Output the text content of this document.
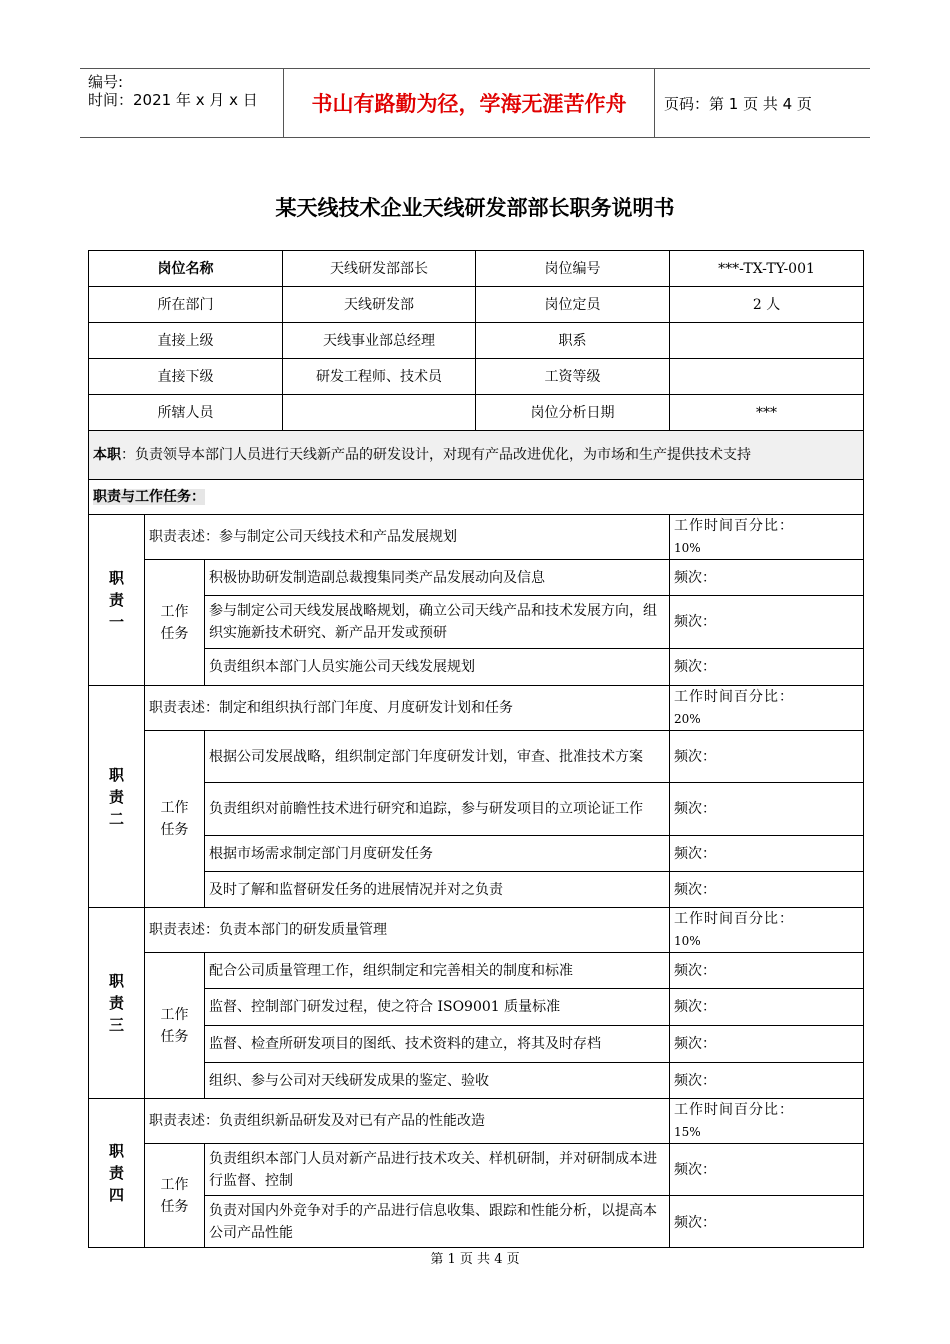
编号:
时间：2021 年 x 月 x 日	书山有路勤为径，学海无涯苦作舟	页码：第 1 页 共 4 页
某天线技术企业天线研发部部长职务说明书
岗位名称			天线研发部部长	岗位编号	***-TX-TY-001
所在部门			天线研发部	岗位定员	2 人
直接上级			天线事业部总经理	职系	
直接下级			研发工程师、技术员	工资等级	
所辖人员				岗位分析日期	***
本职：负责领导本部门人员进行天线新产品的研发设计，对现有产品改进优化，为市场和生产提供技术支持					
职责与工作任务：					

职责一	职责表述：参与制定公司天线技术和产品发展规划				工作时间百分比：
10%

	工作任务	积极协助研发制造副总裁搜集同类产品发展动向及信息			频次：
		参与制定公司天线发展战略规划，确立公司天线产品和技术发展方向，组织实施新技术研究、新产品开发或预研			频次：
		负责组织本部门人员实施公司天线发展规划			频次：

职责二	职责表述：制定和组织执行部门年度、月度研发计划和任务				工作时间百分比：
20%

	工作任务	根据公司发展战略，组织制定部门年度研发计划，审查、批准技术方案			频次：
		负责组织对前瞻性技术进行研究和追踪，参与研发项目的立项论证工作			频次：
		根据市场需求制定部门月度研发任务			频次：
		及时了解和监督研发任务的进展情况并对之负责			频次：

职责三	职责表述：负责本部门的研发质量管理				工作时间百分比：
10%

	工作任务	配合公司质量管理工作，组织制定和完善相关的制度和标准			频次：
		监督、控制部门研发过程，使之符合 ISO9001 质量标准			频次：
		监督、检查所研发项目的图纸、技术资料的建立，将其及时存档			频次：
		组织、参与公司对天线研发成果的鉴定、验收			频次：

职责四	职责表述：负责组织新品研发及对已有产品的性能改造				工作时间百分比：
15%

	工作任务	负责组织本部门人员对新产品进行技术攻关、样机研制，并对研制成本进行监督、控制			频次：
		负责对国内外竞争对手的产品进行信息收集、跟踪和性能分析，以提高本公司产品性能			频次：
第 1 页 共 4 页
